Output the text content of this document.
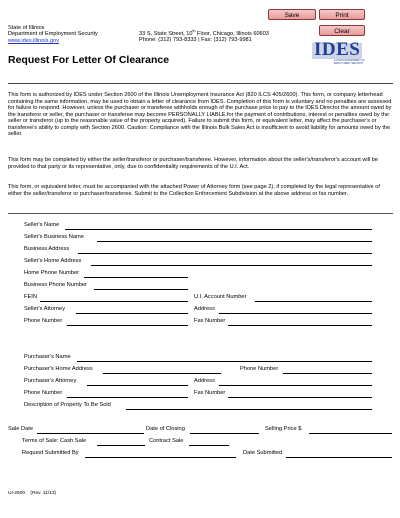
Save	Print
Clear
State of Illinois
Department of Employment Security
www.ides.illinois.gov
33 S. State Street, 10th Floor, Chicago, Illinois 60603
Phone: (312) 793-8333 | Fax: (312) 793-9981	IDES
ILLINOIS DEPARTMENT OF
EMPLOYMENT SECURITY
Request For Letter Of Clearance
This form is authorized by IDES under Section 2600 of the Illinois Unemployment Insurance Act (820 ILCS 405/2600). This form, or company letterhead containing the same information, may be used to obtain a letter of clearance from IDES. Completion of this form is voluntary and no penalties are assessed for failure to respond. However, unless the purchaser or transferee withholds enough of the purchase price to pay to the IDES Director the amount owed by the transferor or seller, the purchaser or transferee may become PERSONALLY LIABLE for the payment of contributions, interest or penalties owed by the seller or transferor (up to the reasonable value of the property acquired). Failure to submit this form, or equivalent letter, may affect the purchaser's or transferee's ability to comply with Section 2600. Caution: Compliance with the Illinois Bulk Sales Act is insufficient to avoid liability for amounts owed by the seller.
This form may be completed by either the seller/transferor or purchaser/transferee. However, information about the seller's/transferor's account will be provided to that party or its representative, only, due to confidentiality requirements of the U.I. Act.
This form, or equivalent letter, must be accompanied with the attached Power of Attorney form (see page 2), if completed by the legal representative of either the seller/transferor or purchaser/transferee. Submit to the Collection Enforcement Subdivision at the above address or fax number.
Seller's Name
Seller's Business Name
Business Address
Seller's Home Address
Home Phone Number
Business Phone Number
FEIN	U.I. Account Number
Seller's Attorney	Address
Phone Number	Fax Number
Purchaser's Name
Purchaser's Home Address	Phone Number
Purchaser's Attorney	Address
Phone Number	Fax Number
Description of Property To Be Sold
Sale Date	Date of Closing	Selling Price $
Terms of Sale: Cash Sale	Contract Sale
Request Submitted By	Date Submitted
UI-2600 (Rev. 11/13)
